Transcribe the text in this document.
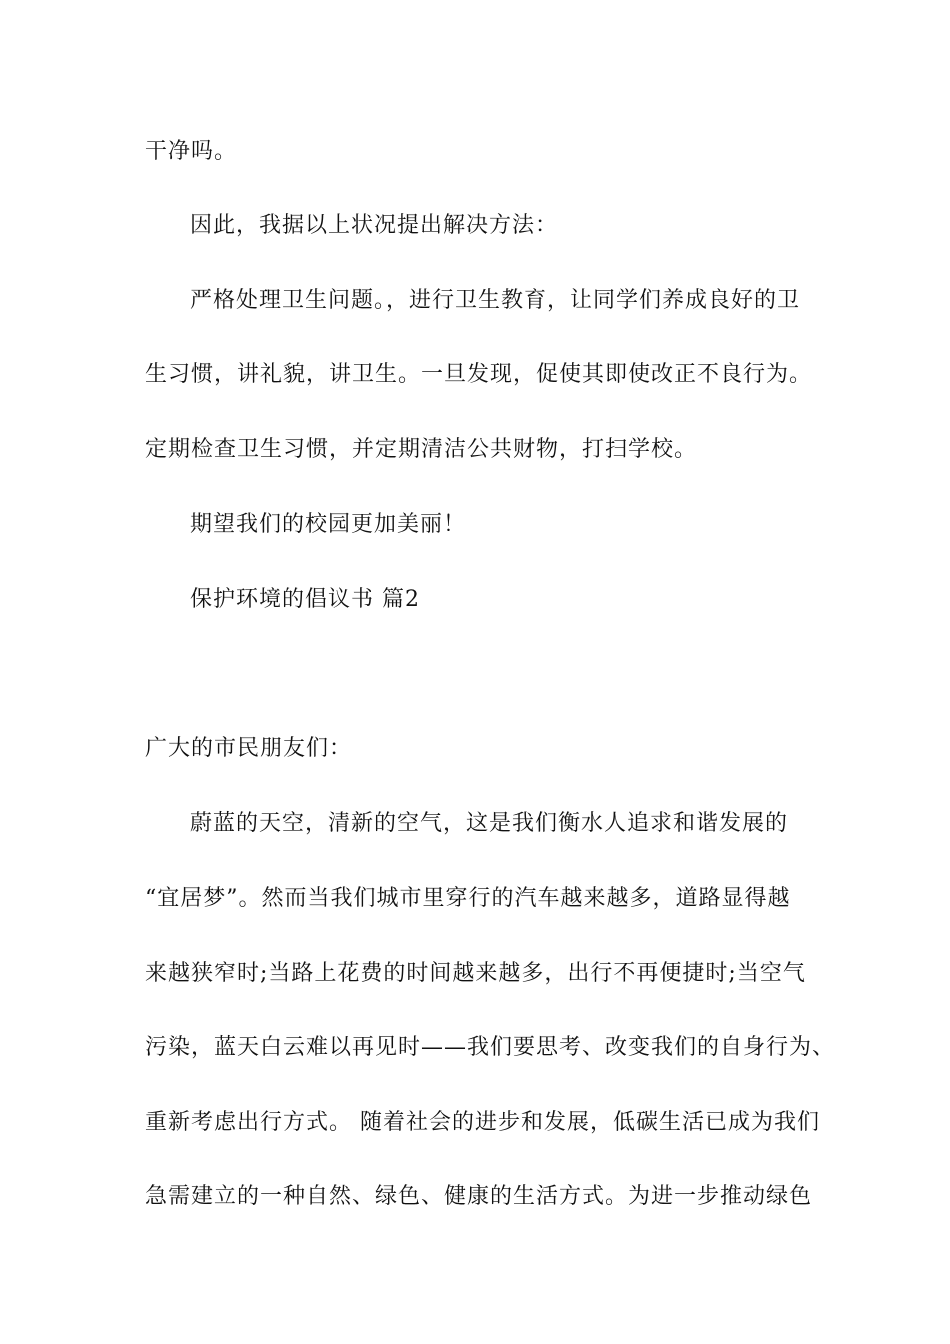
干净吗。
因此，我据以上状况提出解决方法：
严格处理卫生问题。，进行卫生教育，让同学们养成良好的卫
生习惯，讲礼貌，讲卫生。一旦发现，促使其即使改正不良行为。
定期检查卫生习惯，并定期清洁公共财物，打扫学校。
期望我们的校园更加美丽！
保护环境的倡议书 篇2
广大的市民朋友们：
蔚蓝的天空，清新的空气，这是我们衡水人追求和谐发展的
“宜居梦”。然而当我们城市里穿行的汽车越来越多，道路显得越
来越狭窄时;当路上花费的时间越来越多，出行不再便捷时;当空气
污染，蓝天白云难以再见时——我们要思考、改变我们的自身行为、
重新考虑出行方式。 随着社会的进步和发展，低碳生活已成为我们
急需建立的一种自然、绿色、健康的生活方式。为进一步推动绿色
